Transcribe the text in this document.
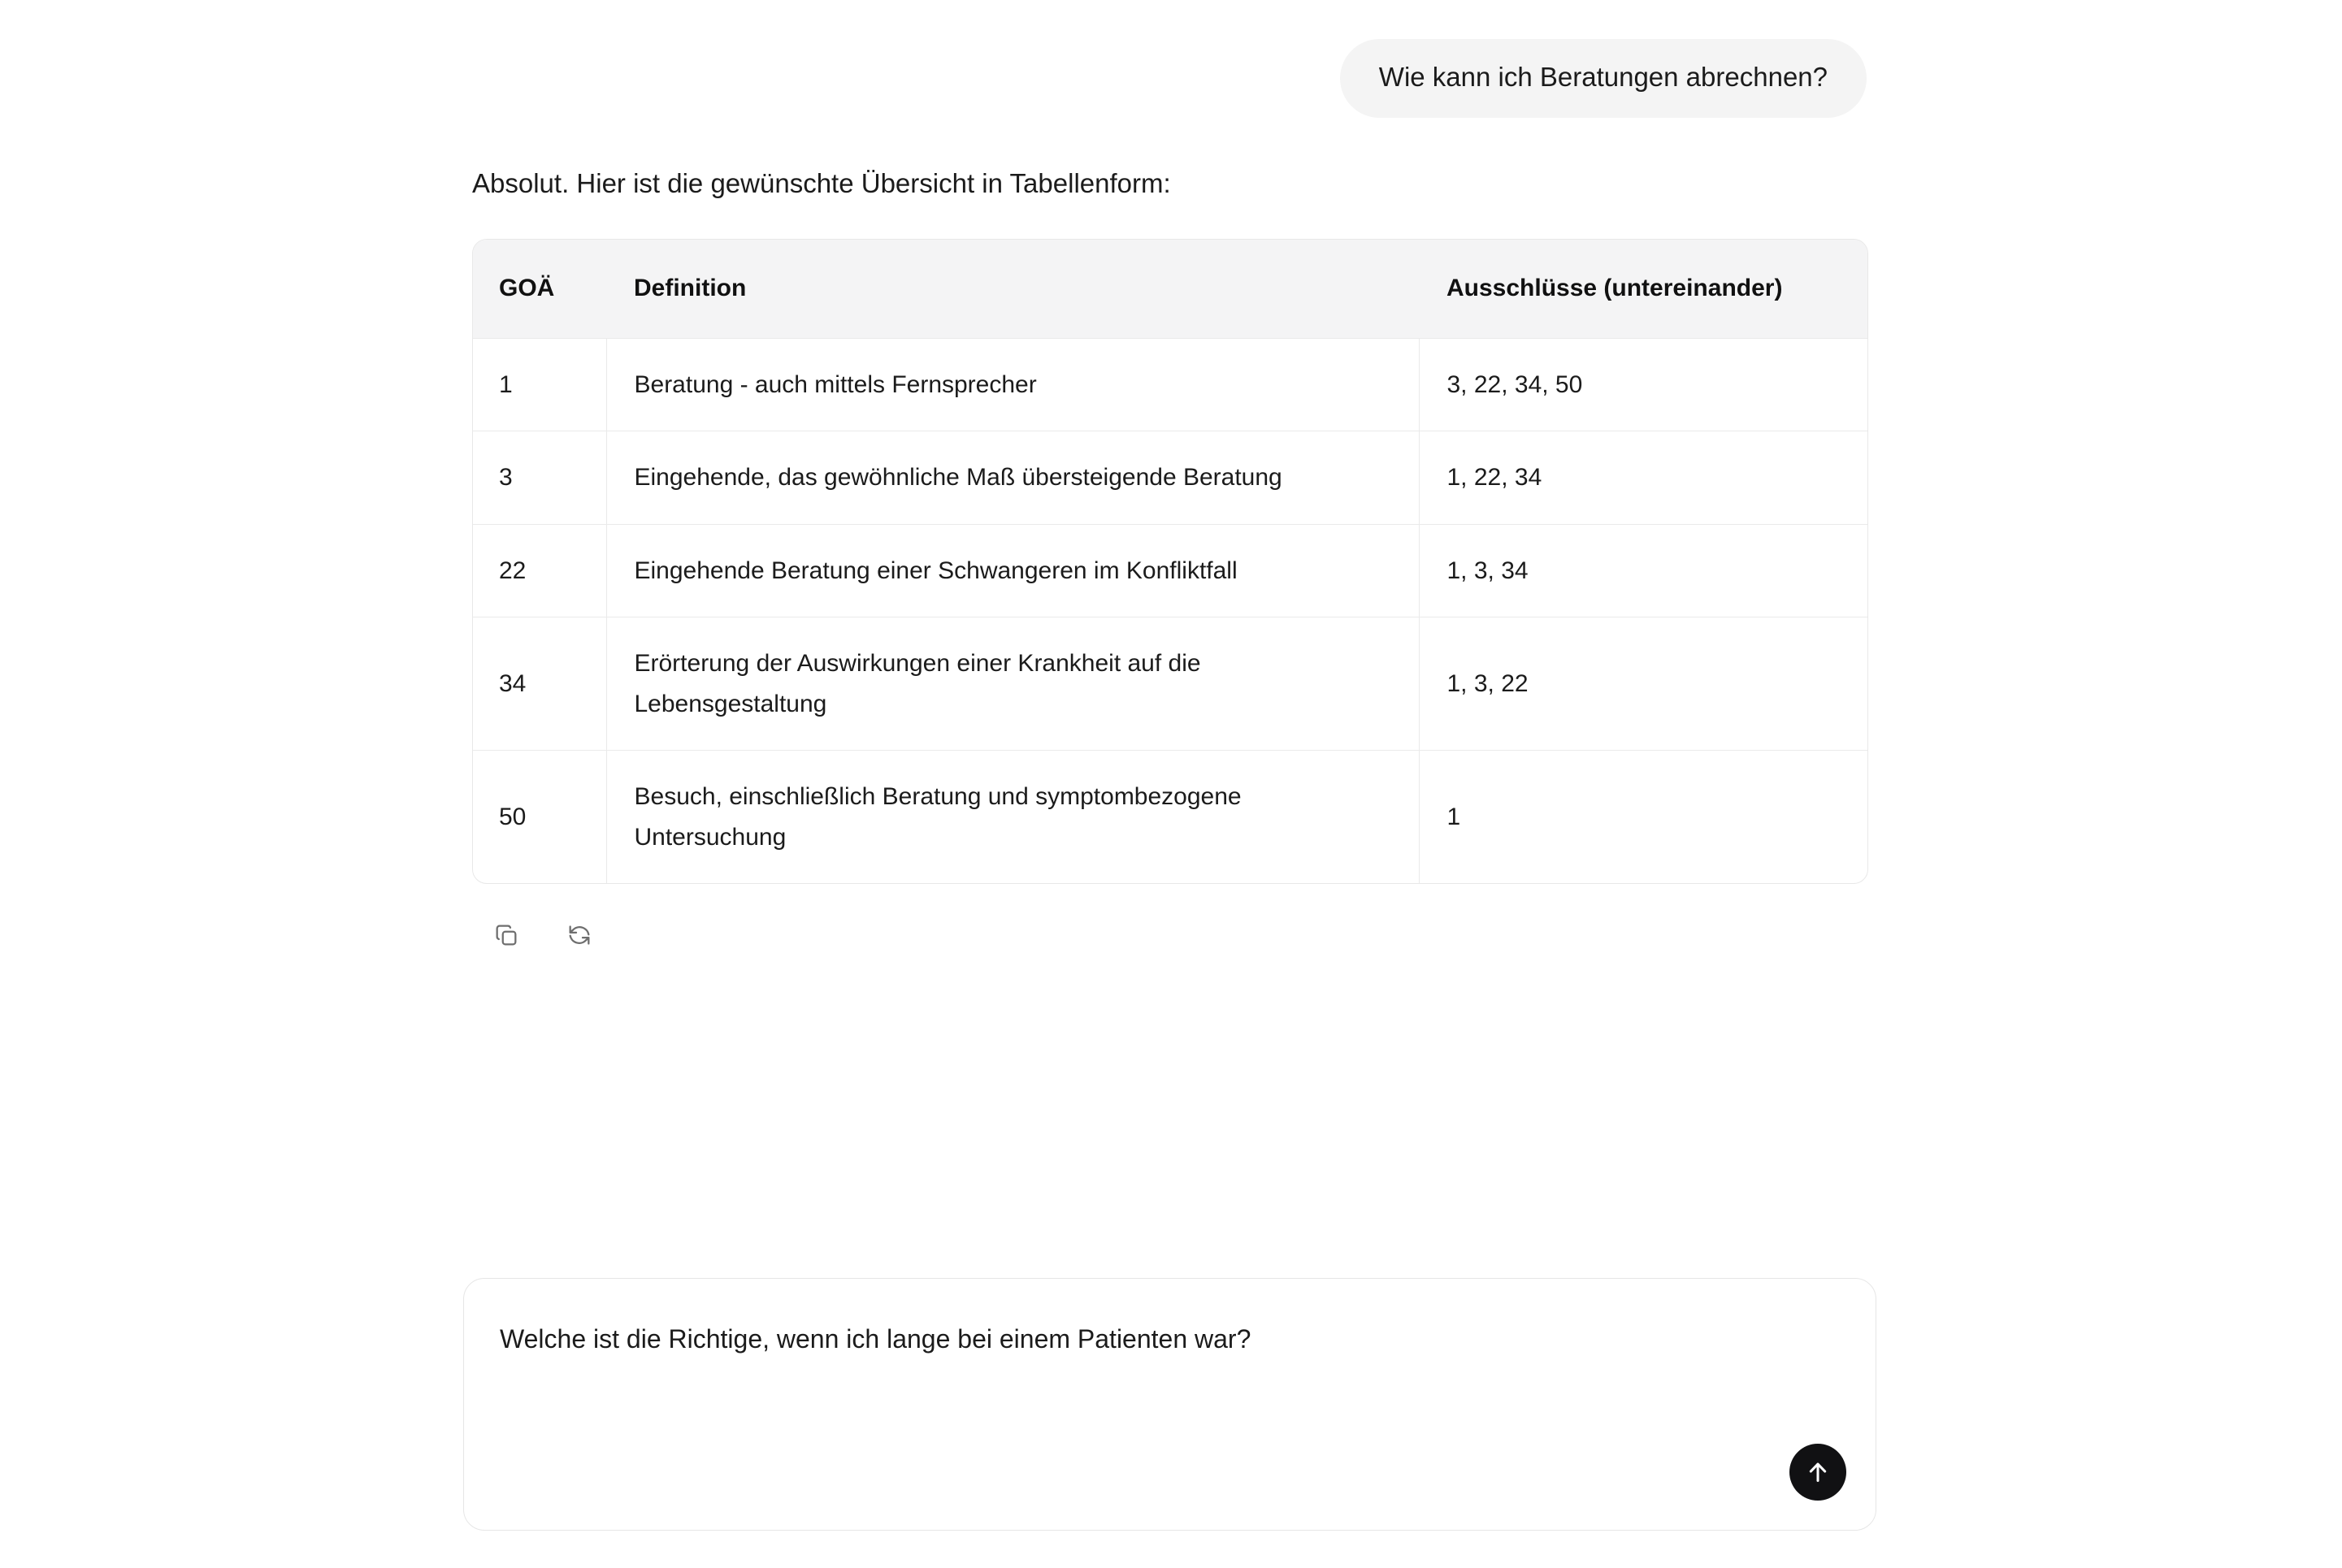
Wie kann ich Beratungen abrechnen?

Absolut. Hier ist die gewünschte Übersicht in Tabellenform:

GOÄ	Definition	Ausschlüsse (untereinander)
1	Beratung - auch mittels Fernsprecher	3, 22, 34, 50
3	Eingehende, das gewöhnliche Maß übersteigende Beratung	1, 22, 34
22	Eingehende Beratung einer Schwangeren im Konfliktfall	1, 3, 34
34	Erörterung der Auswirkungen einer Krankheit auf die Lebensgestaltung	1, 3, 22
50	Besuch, einschließlich Beratung und symptombezogene Untersuchung	1
Welche ist die Richtige, wenn ich lange bei einem Patienten war?
